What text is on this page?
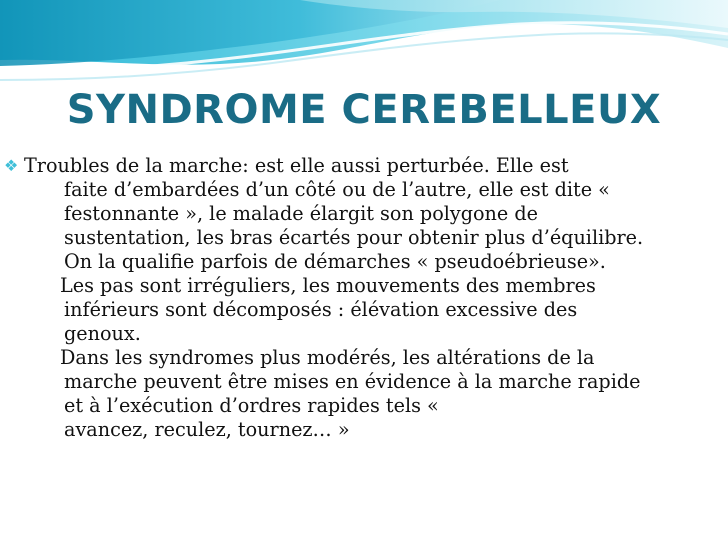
SYNDROME CEREBELLEUX
❖ Troubles de la marche: est elle aussi perturbée. Elle est
faite d’embardées d’un côté ou de l’autre, elle est dite «
festonnante », le malade élargit son polygone de
sustentation, les bras écartés pour obtenir plus d’équilibre.
On la qualifie parfois de démarches « pseudoébrieuse».
Les pas sont irréguliers, les mouvements des membres
inférieurs sont décomposés : élévation excessive des
genoux.
Dans les syndromes plus modérés, les altérations de la
marche peuvent être mises en évidence à la marche rapide
et à l’exécution d’ordres rapides tels «
avancez, reculez, tournez… »
